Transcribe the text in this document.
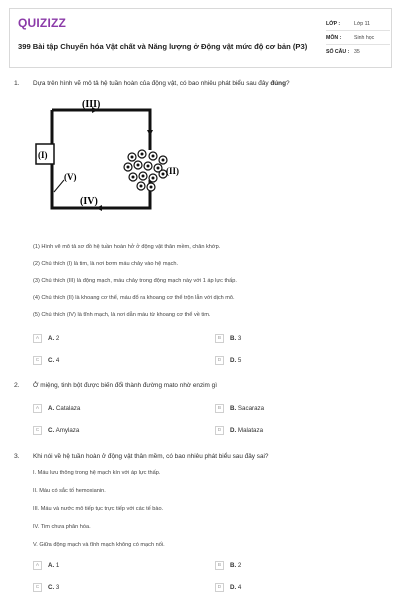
QUIZIZZ
399 Bài tập Chuyển hóa Vật chất và Năng lượng ở Động vật mức độ cơ bản (P3)
LỚP :	Lớp 11
MÔN :	Sinh học
SỐ CÂU : 35
1. Dựa trên hình vẽ mô tả hệ tuần hoàn của động vật, có bao nhiêu phát biểu sau đây đúng?
(I)
(III)
(V)
(IV)
(II)
(1) Hình vẽ mô tả sơ đồ hệ tuần hoàn hở ở động vật thân mềm, chân khớp.
(2) Chú thích (I) là tim, là nơi bơm máu chảy vào hệ mạch.
(3) Chú thích (III) là động mạch, máu chảy trong động mạch này với 1 áp lực thấp.
(4) Chú thích (II) là khoang cơ thể, máu đổ ra khoang cơ thể trộn lẫn với dịch mô.
(5) Chú thích (IV) là tĩnh mạch, là nơi dẫn máu từ khoang cơ thể về tim.
A	A. 2	B	B. 3
C	C. 4	D	D. 5
2. Ở miệng, tinh bột được biến đổi thành đường mato nhờ enzim gì
A	A. Catalaza	B	B. Sacaraza
C	C. Amylaza	D	D. Malataza
3. Khi nói về hệ tuần hoàn ở động vật thân mềm, có bao nhiêu phát biểu sau đây sai?
I. Máu lưu thông trong hệ mạch kín với áp lực thấp.
II. Máu có sắc tố hemoxianin.
III. Máu và nước mô tiếp tục trực tiếp với các tế bào.
IV. Tim chưa phân hóa.
V. Giữa động mạch và tĩnh mạch không có mạch nối.
A	A. 1	B	B. 2
C	C. 3	D	D. 4
